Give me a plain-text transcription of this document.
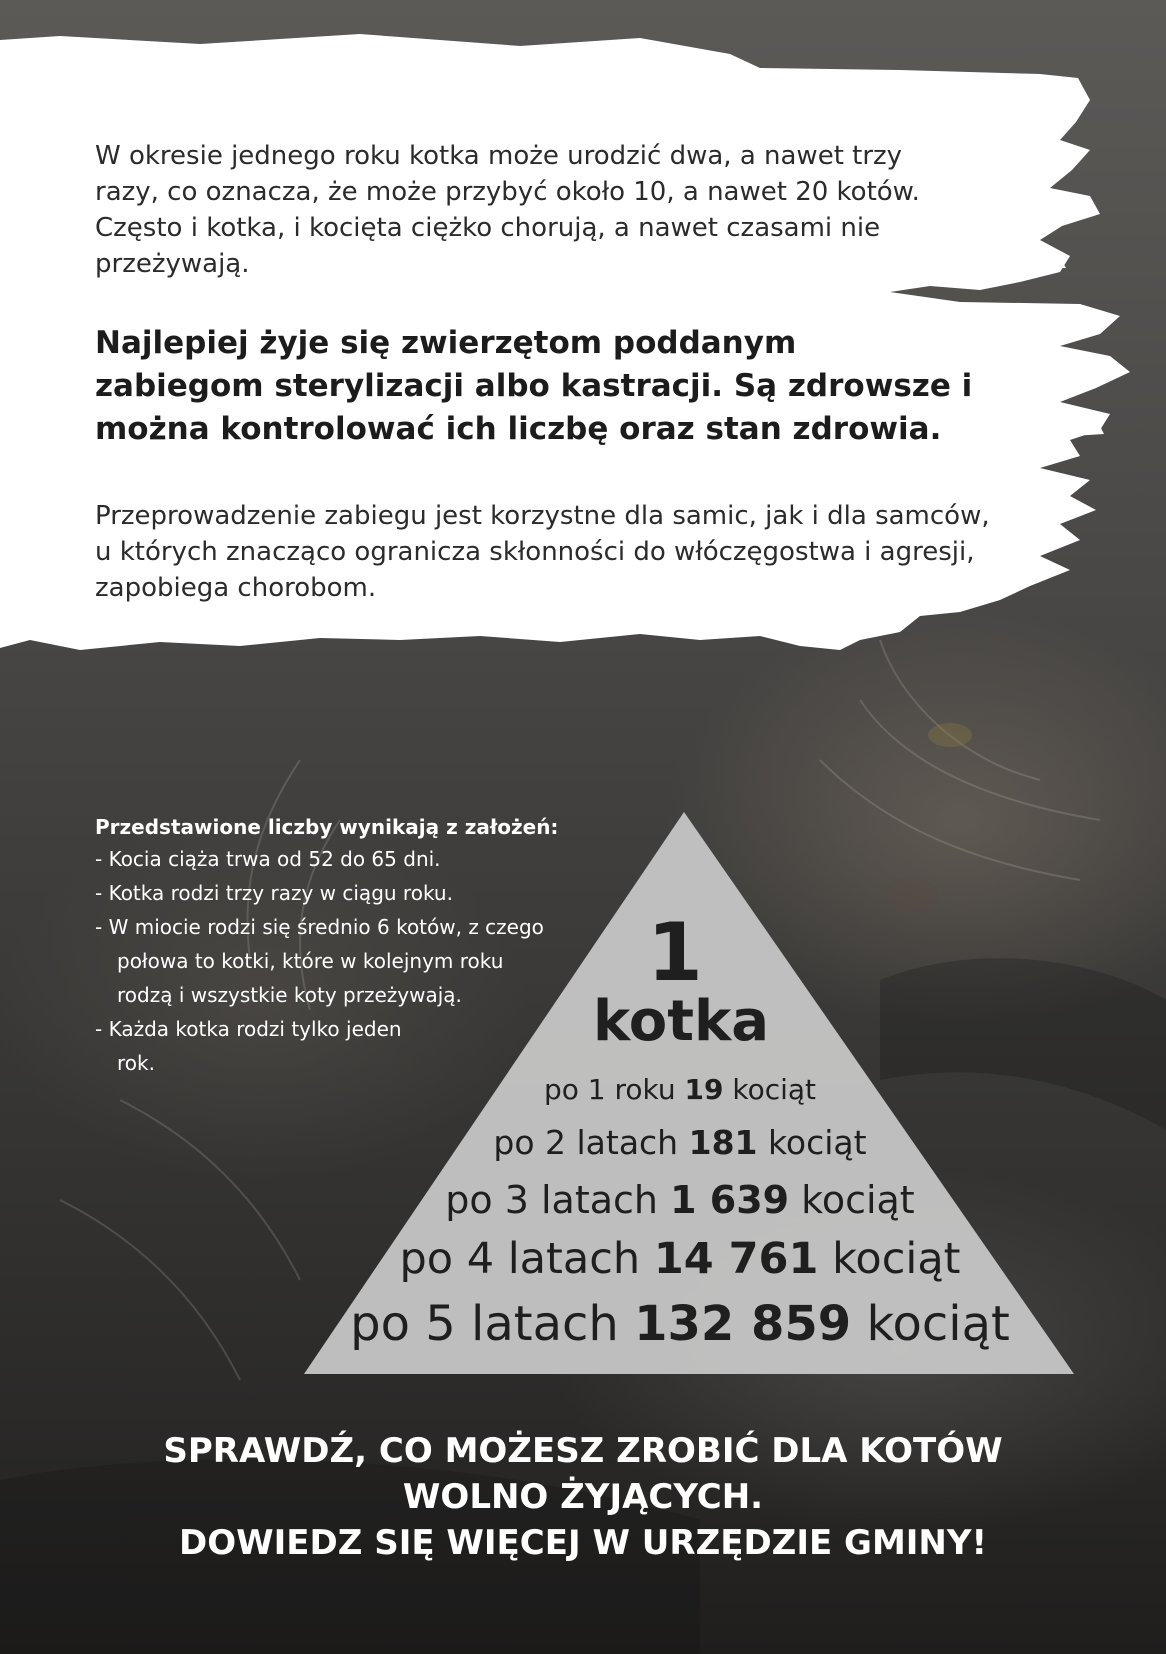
W okresie jednego roku kotka może urodzić dwa, a nawet trzy razy, co oznacza, że może przybyć około 10, a nawet 20 kotów. Często i kotka, i kocięta ciężko chorują, a nawet czasami nie przeżywają.

Najlepiej żyje się zwierzętom poddanym zabiegom sterylizacji albo kastracji. Są zdrowsze i można kontrolować ich liczbę oraz stan zdrowia.

Przeprowadzenie zabiegu jest korzystne dla samic, jak i dla samców, u których znacząco ogranicza skłonności do włóczęgostwa i agresji, zapobiega chorobom.

Przedstawione liczby wynikają z założeń:

- Kocia ciąża trwa od 52 do 65 dni.
- Kotka rodzi trzy razy w ciągu roku.
- W miocie rodzi się średnio 6 kotów, z czego połowa to kotki, które w kolejnym roku rodzą i wszystkie koty przeżywają.
- Każda kotka rodzi tylko jeden rok.

1

kotka

po 1 roku 19 kociąt

po 2 latach 181 kociąt

po 3 latach 1 639 kociąt

po 4 latach 14 761 kociąt

po 5 latach 132 859 kociąt

SPRAWDŹ, CO MOŻESZ ZROBIĆ DLA KOTÓW
WOLNO ŻYJĄCYCH.
DOWIEDZ SIĘ WIĘCEJ W URZĘDZIE GMINY!
